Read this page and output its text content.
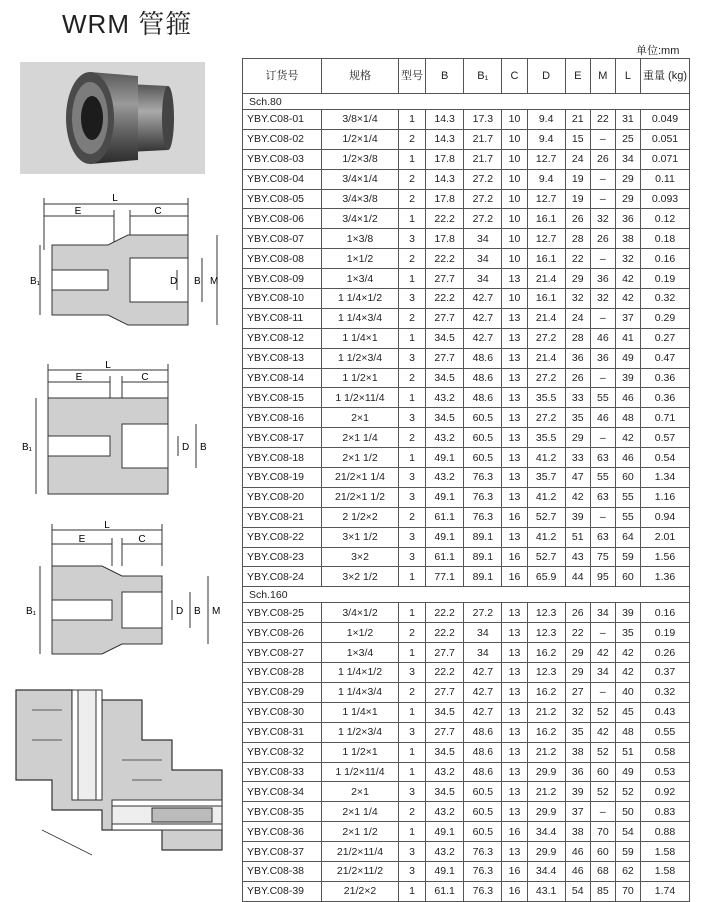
WRM 管箍
单位:mm
L
E	C
B₁	D B M
L
E	C
B₁	D B
L
E	C
B₁	D B M
订货号	规格	型号	B	B₁	C	D	E	M	L	重量 (kg)
Sch.80										
YBY.C08-01	3/8×1/4	1	14.3	17.3	10	9.4	21	22	31	0.049
YBY.C08-02	1/2×1/4	2	14.3	21.7	10	9.4	15	–	25	0.051
YBY.C08-03	1/2×3/8	1	17.8	21.7	10	12.7	24	26	34	0.071
YBY.C08-04	3/4×1/4	2	14.3	27.2	10	9.4	19	–	29	0.11
YBY.C08-05	3/4×3/8	2	17.8	27.2	10	12.7	19	–	29	0.093
YBY.C08-06	3/4×1/2	1	22.2	27.2	10	16.1	26	32	36	0.12
YBY.C08-07	1×3/8	3	17.8	34	10	12.7	28	26	38	0.18
YBY.C08-08	1×1/2	2	22.2	34	10	16.1	22	–	32	0.16
YBY.C08-09	1×3/4	1	27.7	34	13	21.4	29	36	42	0.19
YBY.C08-10	1 1/4×1/2	3	22.2	42.7	10	16.1	32	32	42	0.32
YBY.C08-11	1 1/4×3/4	2	27.7	42.7	13	21.4	24	–	37	0.29
YBY.C08-12	1 1/4×1	1	34.5	42.7	13	27.2	28	46	41	0.27
YBY.C08-13	1 1/2×3/4	3	27.7	48.6	13	21.4	36	36	49	0.47
YBY.C08-14	1 1/2×1	2	34.5	48.6	13	27.2	26	–	39	0.36
YBY.C08-15	1 1/2×11/4	1	43.2	48.6	13	35.5	33	55	46	0.36
YBY.C08-16	2×1	3	34.5	60.5	13	27.2	35	46	48	0.71
YBY.C08-17	2×1 1/4	2	43.2	60.5	13	35.5	29	–	42	0.57
YBY.C08-18	2×1 1/2	1	49.1	60.5	13	41.2	33	63	46	0.54
YBY.C08-19	21/2×1 1/4	3	43.2	76.3	13	35.7	47	55	60	1.34
YBY.C08-20	21/2×1 1/2	3	49.1	76.3	13	41.2	42	63	55	1.16
YBY.C08-21	2 1/2×2	2	61.1	76.3	16	52.7	39	–	55	0.94
YBY.C08-22	3×1 1/2	3	49.1	89.1	13	41.2	51	63	64	2.01
YBY.C08-23	3×2	3	61.1	89.1	16	52.7	43	75	59	1.56
YBY.C08-24	3×2 1/2	1	77.1	89.1	16	65.9	44	95	60	1.36
Sch.160										
YBY.C08-25	3/4×1/2	1	22.2	27.2	13	12.3	26	34	39	0.16
YBY.C08-26	1×1/2	2	22.2	34	13	12.3	22	–	35	0.19
YBY.C08-27	1×3/4	1	27.7	34	13	16.2	29	42	42	0.26
YBY.C08-28	1 1/4×1/2	3	22.2	42.7	13	12.3	29	34	42	0.37
YBY.C08-29	1 1/4×3/4	2	27.7	42.7	13	16.2	27	–	40	0.32
YBY.C08-30	1 1/4×1	1	34.5	42.7	13	21.2	32	52	45	0.43
YBY.C08-31	1 1/2×3/4	3	27.7	48.6	13	16.2	35	42	48	0.55
YBY.C08-32	1 1/2×1	1	34.5	48.6	13	21.2	38	52	51	0.58
YBY.C08-33	1 1/2×11/4	1	43.2	48.6	13	29.9	36	60	49	0.53
YBY.C08-34	2×1	3	34.5	60.5	13	21.2	39	52	52	0.92
YBY.C08-35	2×1 1/4	2	43.2	60.5	13	29.9	37	–	50	0.83
YBY.C08-36	2×1 1/2	1	49.1	60.5	16	34.4	38	70	54	0.88
YBY.C08-37	21/2×11/4	3	43.2	76.3	13	29.9	46	60	59	1.58
YBY.C08-38	21/2×11/2	3	49.1	76.3	16	34.4	46	68	62	1.58
YBY.C08-39	21/2×2	1	61.1	76.3	16	43.1	54	85	70	1.74
